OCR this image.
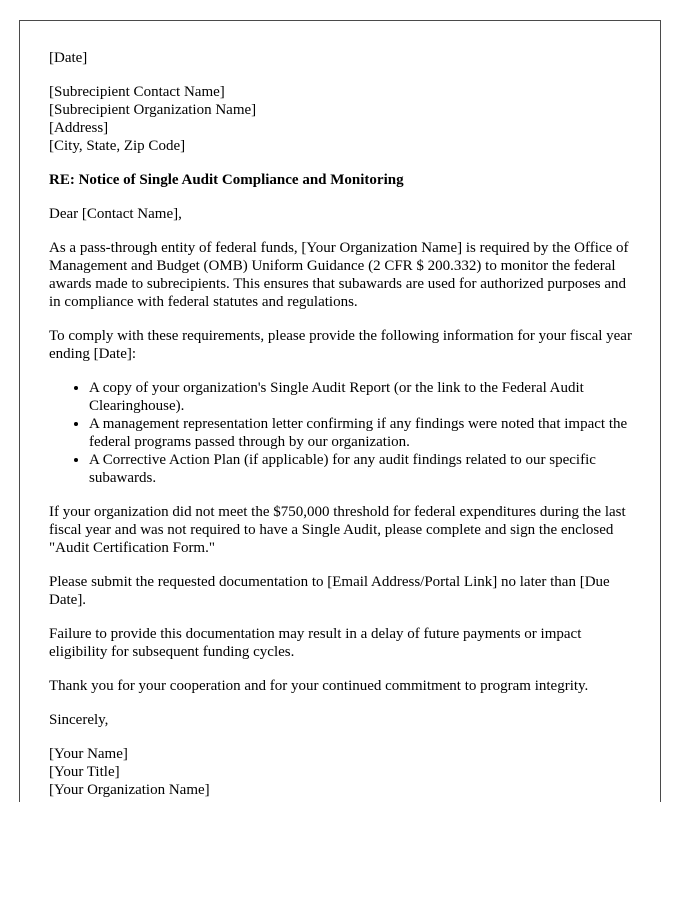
[Date]

[Subrecipient Contact Name]
[Subrecipient Organization Name]
[Address]
[City, State, Zip Code]

RE: Notice of Single Audit Compliance and Monitoring

Dear [Contact Name],

As a pass-through entity of federal funds, [Your Organization Name] is required by the Office of Management and Budget (OMB) Uniform Guidance (2 CFR $ 200.332) to monitor the federal awards made to subrecipients. This ensures that subawards are used for authorized purposes and in compliance with federal statutes and regulations.

To comply with these requirements, please provide the following information for your fiscal year ending [Date]:

• A copy of your organization's Single Audit Report (or the link to the Federal Audit Clearinghouse).
• A management representation letter confirming if any findings were noted that impact the federal programs passed through by our organization.
• A Corrective Action Plan (if applicable) for any audit findings related to our specific subawards.

If your organization did not meet the $750,000 threshold for federal expenditures during the last fiscal year and was not required to have a Single Audit, please complete and sign the enclosed "Audit Certification Form."

Please submit the requested documentation to [Email Address/Portal Link] no later than [Due Date].

Failure to provide this documentation may result in a delay of future payments or impact eligibility for subsequent funding cycles.

Thank you for your cooperation and for your continued commitment to program integrity.

Sincerely,

[Your Name]
[Your Title]
[Your Organization Name]
